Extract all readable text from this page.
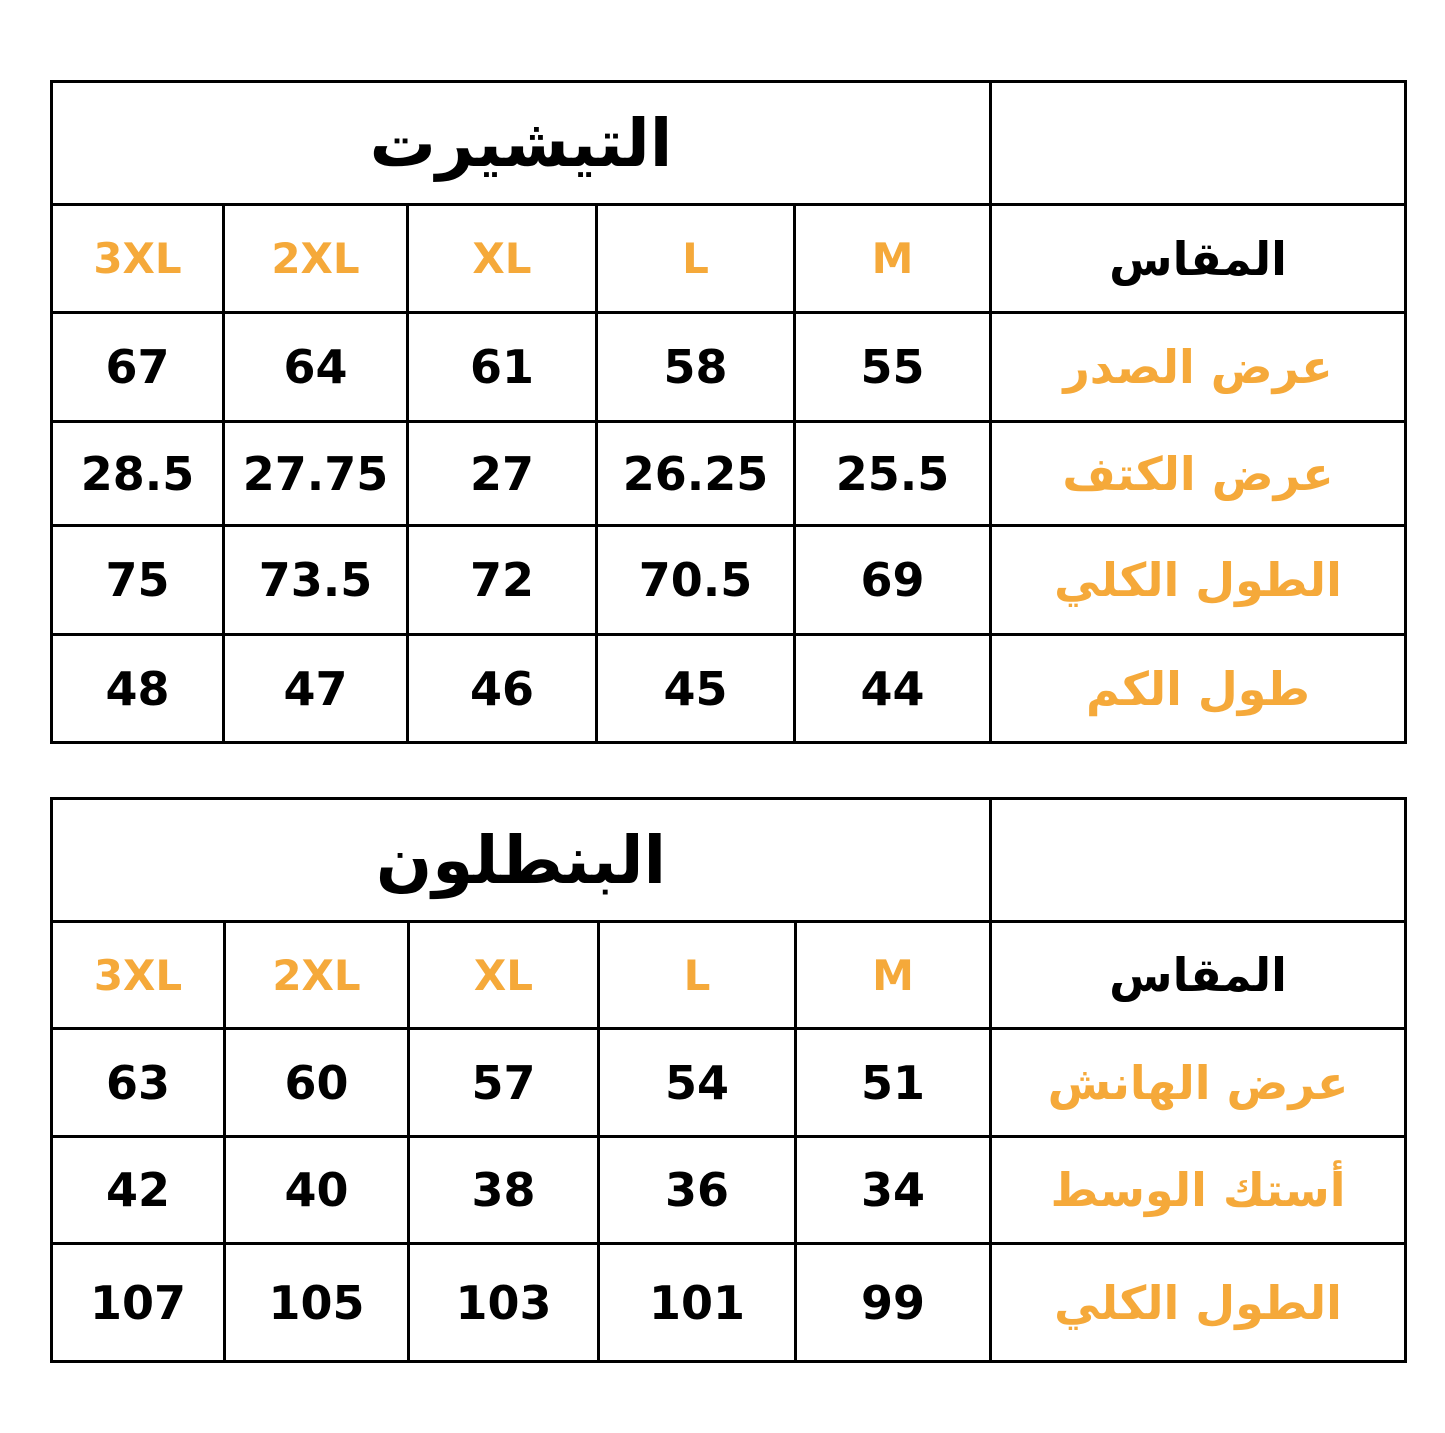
التيشيرت					
3XL	2XL	XL	L	M	المقاس
67	64	61	58	55	عرض الصدر
28.5	27.75	27	26.25	25.5	عرض الكتف
75	73.5	72	70.5	69	الطول الكلي
48	47	46	45	44	طول الكم
البنطلون					
3XL	2XL	XL	L	M	المقاس
63	60	57	54	51	عرض الهانش
42	40	38	36	34	أستك الوسط
107	105	103	101	99	الطول الكلي
